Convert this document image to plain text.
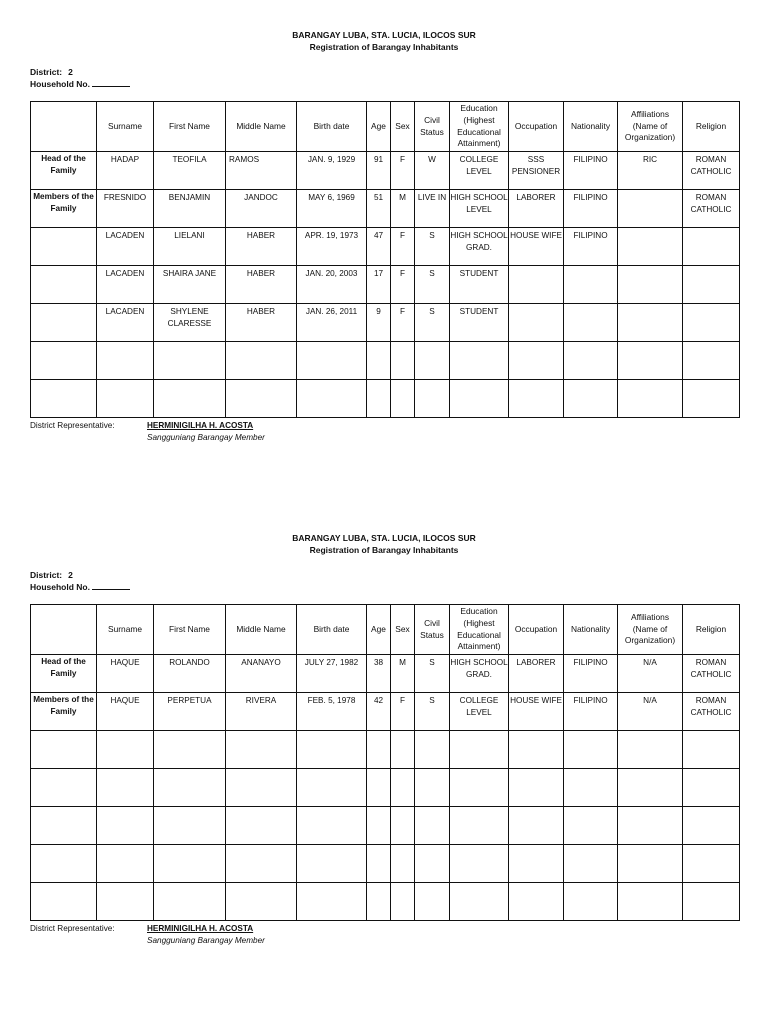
BARANGAY LUBA, STA. LUCIA, ILOCOS SUR
Registration of Barangay Inhabitants
District: 2
Household No.
	Surname	First Name	Middle Name	Birth date	Age	Sex	Civil Status	Education (Highest Educational Attainment)	Occupation	Nationality	Affiliations (Name of Organization)	Religion
Head of the Family	HADAP	TEOFILA	RAMOS	JAN. 9, 1929	91	F	W	COLLEGE LEVEL	SSS PENSIONER	FILIPINO	RIC	ROMAN CATHOLIC
Members of the Family	FRESNIDO	BENJAMIN	JANDOC	MAY 6, 1969	51	M	LIVE IN	HIGH SCHOOL LEVEL	LABORER	FILIPINO		ROMAN CATHOLIC
	LACADEN	LIELANI	HABER	APR. 19, 1973	47	F	S	HIGH SCHOOL GRAD.	HOUSE WIFE	FILIPINO		
	LACADEN	SHAIRA JANE	HABER	JAN. 20, 2003	17	F	S	STUDENT				
	LACADEN	SHYLENE CLARESSE	HABER	JAN. 26, 2011	9	F	S	STUDENT				

District Representative:	HERMINIGILHA H. ACOSTA
Sangguniang Barangay Member
BARANGAY LUBA, STA. LUCIA, ILOCOS SUR
Registration of Barangay Inhabitants
District: 2
Household No.
	Surname	First Name	Middle Name	Birth date	Age	Sex	Civil Status	Education (Highest Educational Attainment)	Occupation	Nationality	Affiliations (Name of Organization)	Religion
Head of the Family	HAQUE	ROLANDO	ANANAYO	JULY 27, 1982	38	M	S	HIGH SCHOOL GRAD.	LABORER	FILIPINO	N/A	ROMAN CATHOLIC
Members of the Family	HAQUE	PERPETUA	RIVERA	FEB. 5, 1978	42	F	S	COLLEGE LEVEL	HOUSE WIFE	FILIPINO	N/A	ROMAN CATHOLIC

District Representative:	HERMINIGILHA H. ACOSTA
Sangguniang Barangay Member
